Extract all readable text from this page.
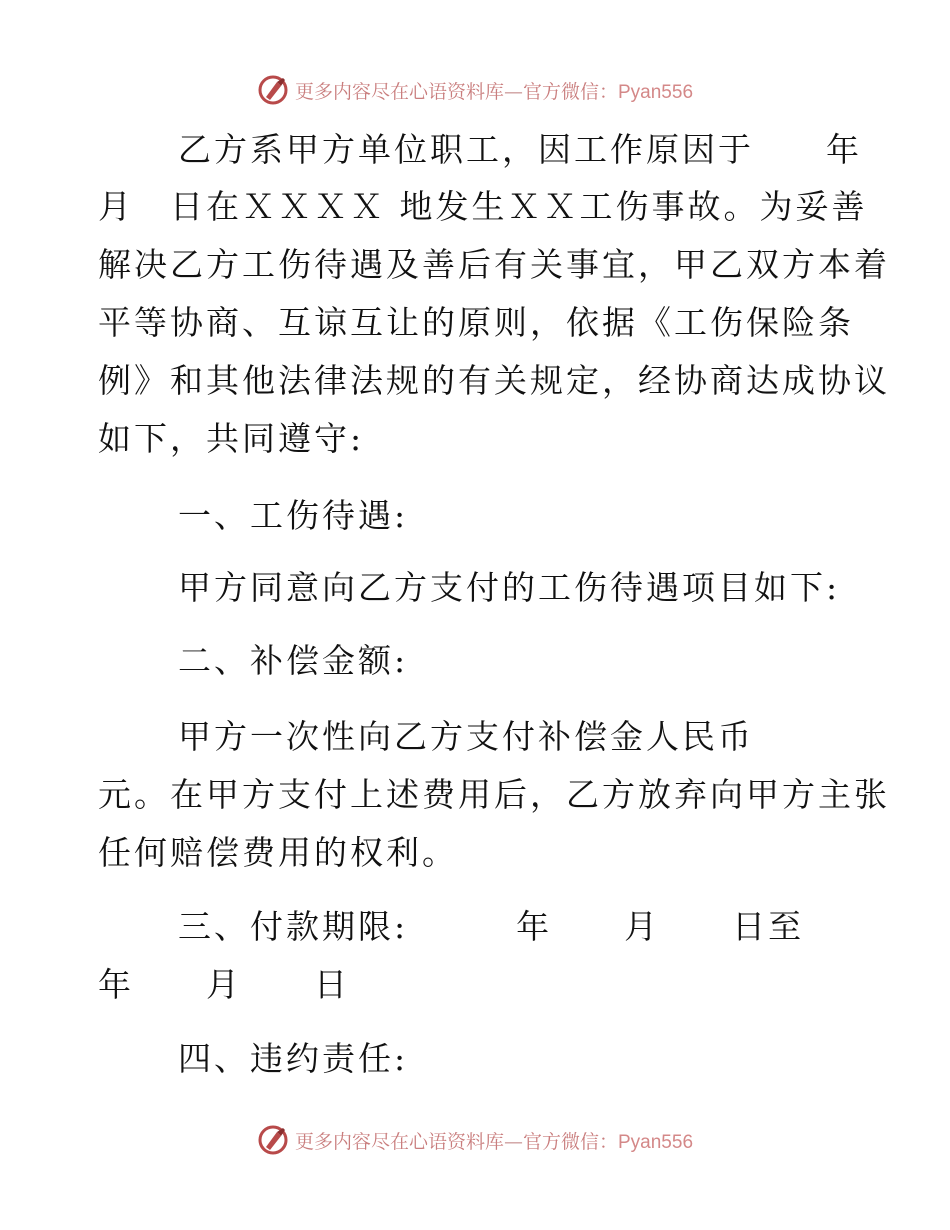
更多内容尽在心语资料库—官方微信：Pyan556
乙方系甲方单位职工，因工作原因于　　年
月　日在ＸＸＸＸ 地发生ＸＸ工伤事故。为妥善
解决乙方工伤待遇及善后有关事宜，甲乙双方本着
平等协商、互谅互让的原则，依据《工伤保险条
例》和其他法律法规的有关规定，经协商达成协议
如下，共同遵守:
一、工伤待遇:
甲方同意向乙方支付的工伤待遇项目如下:
二、补偿金额:
甲方一次性向乙方支付补偿金人民币
元。在甲方支付上述费用后，乙方放弃向甲方主张
任何赔偿费用的权利。
三、付款期限:　　　年　　月　　日至
年　　月　　日
四、违约责任:
更多内容尽在心语资料库—官方微信：Pyan556
